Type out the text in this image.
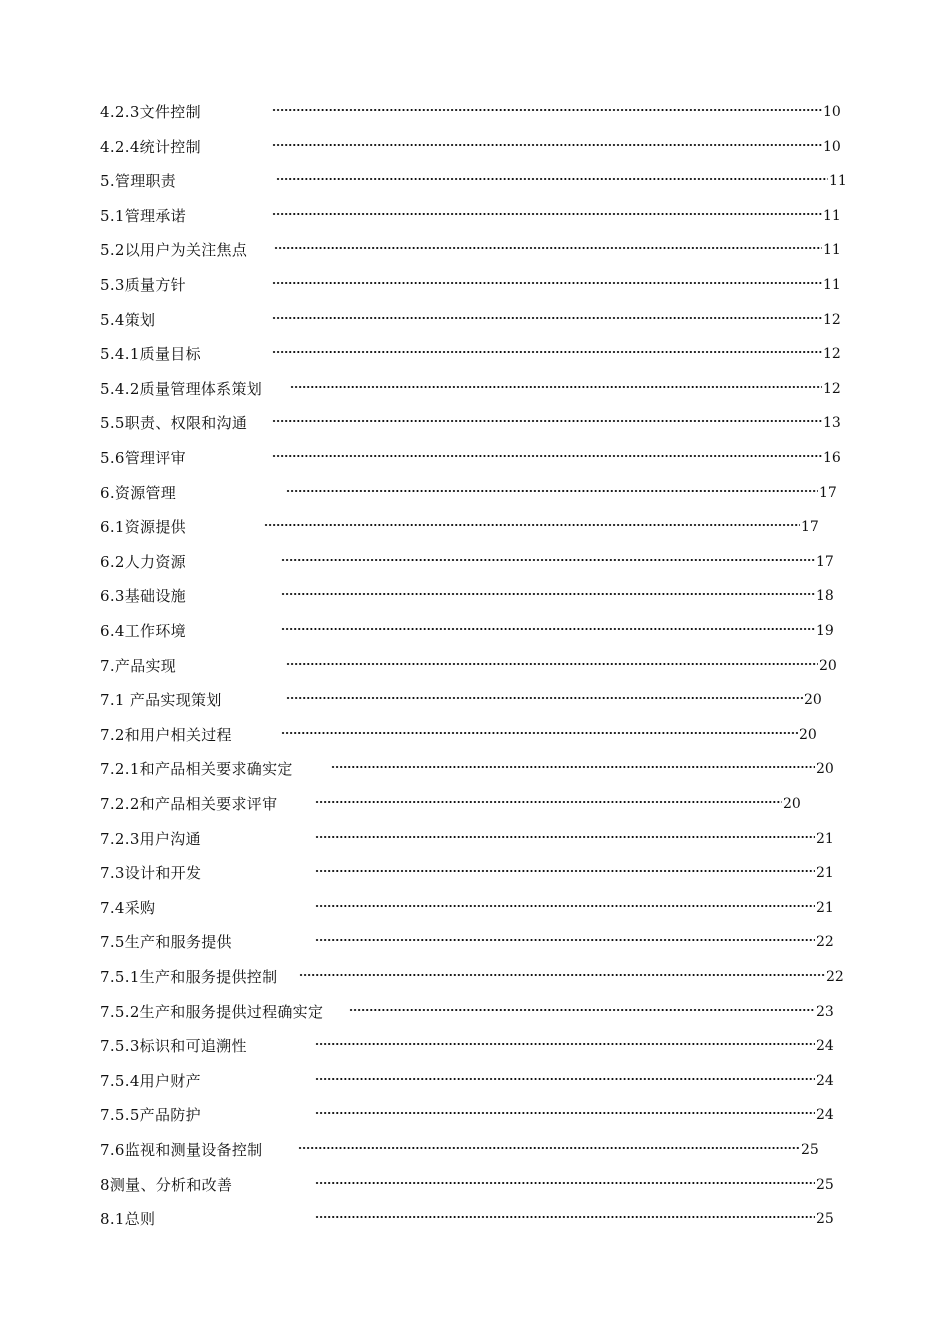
4.2.3文件控制	10
4.2.4统计控制	10
5.管理职责	11
5.1管理承诺	11
5.2以用户为关注焦点	11
5.3质量方针	11
5.4策划	12
5.4.1质量目标	12
5.4.2质量管理体系策划	12
5.5职责、权限和沟通	13
5.6管理评审	16
6.资源管理	17
6.1资源提供	17
6.2人力资源	17
6.3基础设施	18
6.4工作环境	19
7.产品实现	20
7.1 产品实现策划	20
7.2和用户相关过程	20
7.2.1和产品相关要求确实定	20
7.2.2和产品相关要求评审	20
7.2.3用户沟通	21
7.3设计和开发	21
7.4采购	21
7.5生产和服务提供	22
7.5.1生产和服务提供控制	22
7.5.2生产和服务提供过程确实定	23
7.5.3标识和可追溯性	24
7.5.4用户财产	24
7.5.5产品防护	24
7.6监视和测量设备控制	25
8测量、分析和改善	25
8.1总则	25
